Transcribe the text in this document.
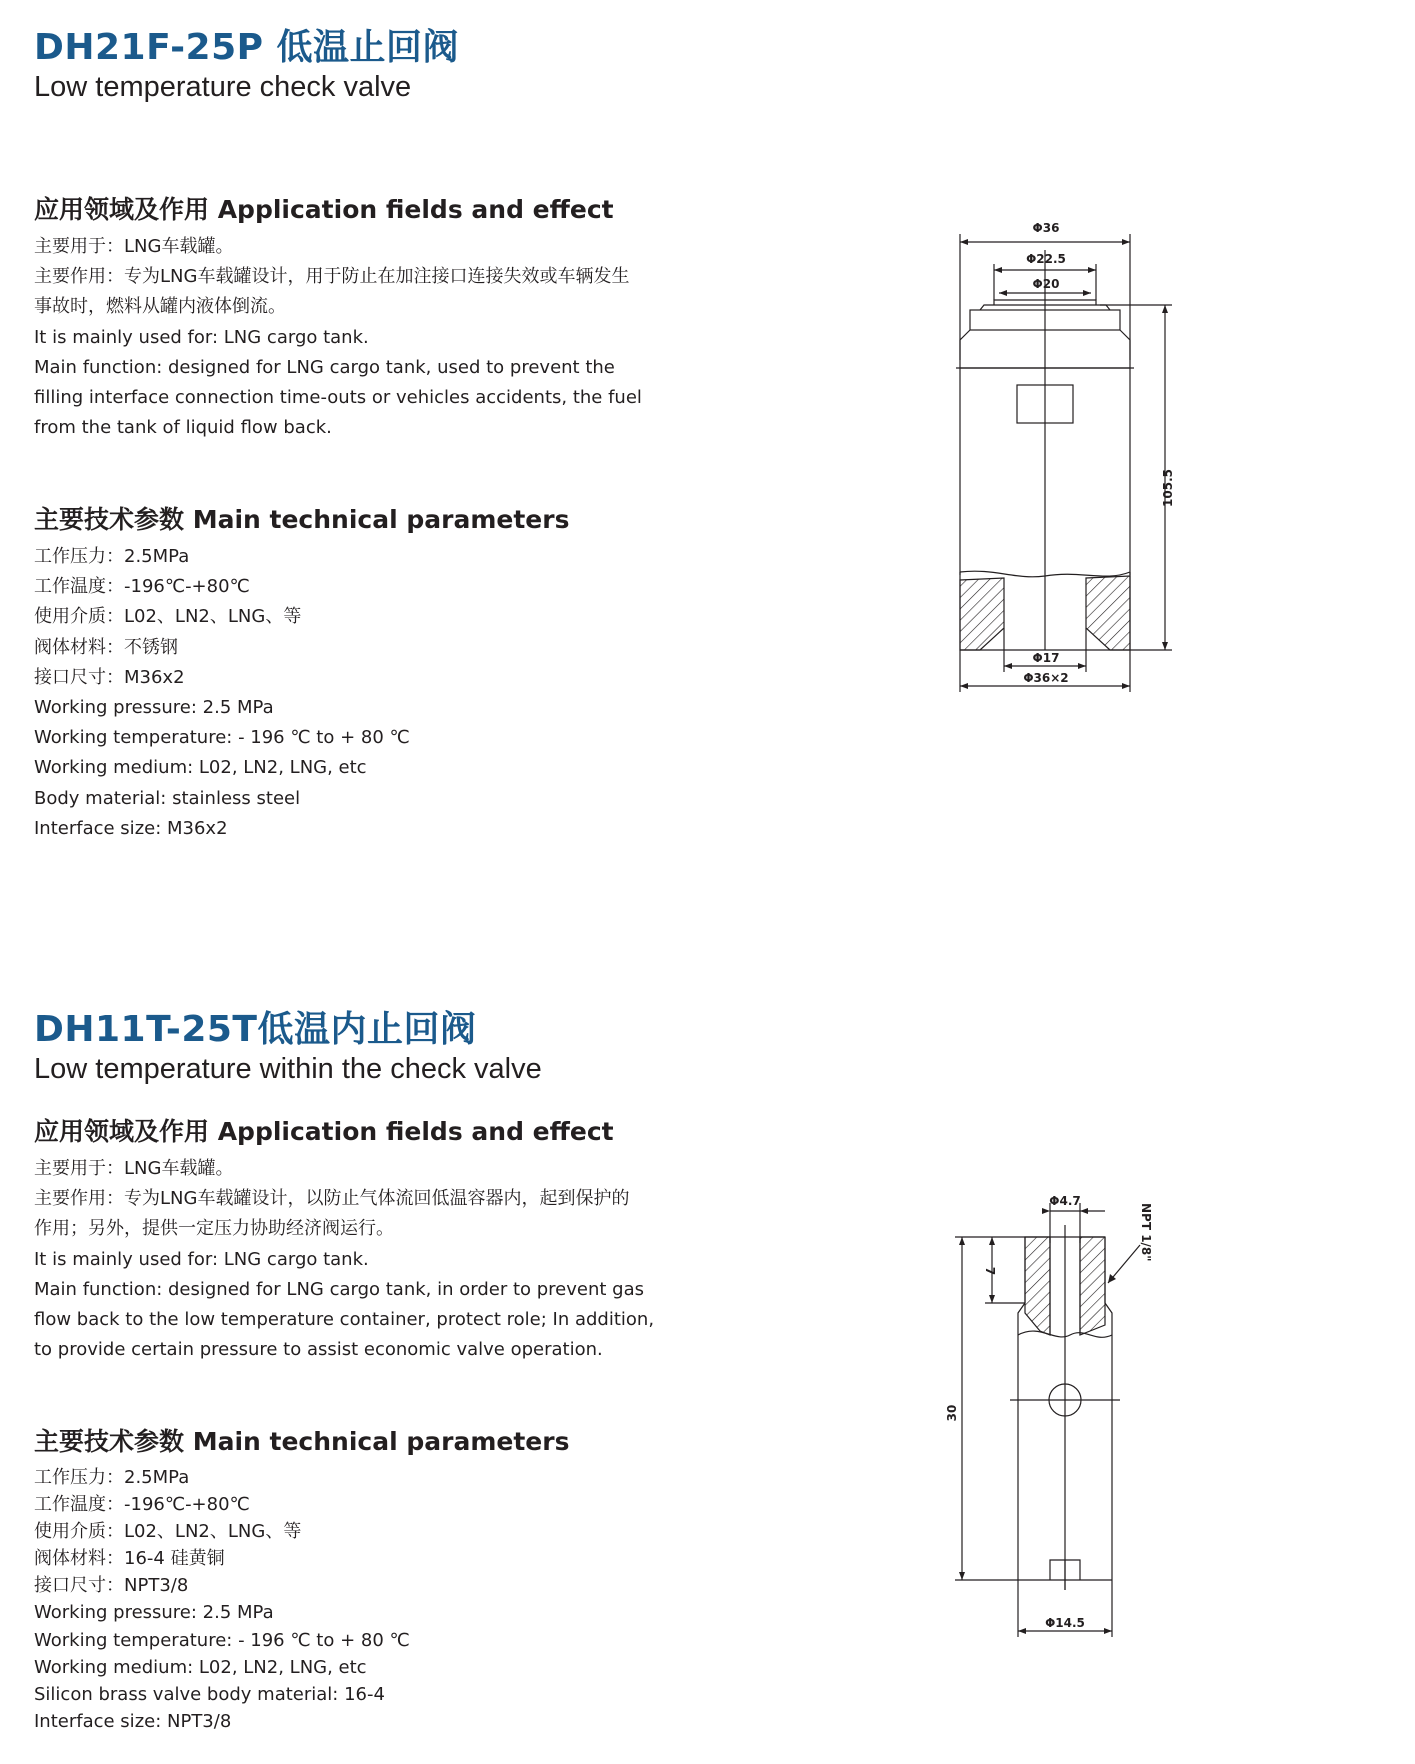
DH21F-25P 低温止回阀

Low temperature check valve

应用领域及作用 Application fields and effect
主要用于：LNG车载罐。
主要作用：专为LNG车载罐设计，用于防止在加注接口连接失效或车辆发生
事故时，燃料从罐内液体倒流。
It is mainly used for: LNG cargo tank.
Main function: designed for LNG cargo tank, used to prevent the
filling interface connection time-outs or vehicles accidents, the fuel
from the tank of liquid flow back.
主要技术参数 Main technical parameters
工作压力：2.5MPa
工作温度：-196℃-+80℃
使用介质：L02、LN2、LNG、等
阀体材料：不锈钢
接口尺寸：M36x2
Working pressure: 2.5 MPa
Working temperature: - 196 ℃ to + 80 ℃
Working medium: L02, LN2, LNG, etc
Body material: stainless steel
Interface size: M36x2
Φ36
Φ22.5
Φ20
105.5
Φ17
Φ36×2
DH11T-25T低温内止回阀

Low temperature within the check valve

应用领域及作用 Application fields and effect
主要用于：LNG车载罐。
主要作用：专为LNG车载罐设计，以防止气体流回低温容器内，起到保护的
作用；另外，提供一定压力协助经济阀运行。
It is mainly used for: LNG cargo tank.
Main function: designed for LNG cargo tank, in order to prevent gas
flow back to the low temperature container, protect role; In addition,
to provide certain pressure to assist economic valve operation.
主要技术参数 Main technical parameters
工作压力：2.5MPa
工作温度：-196℃-+80℃
使用介质：L02、LN2、LNG、等
阀体材料：16-4 硅黄铜
接口尺寸：NPT3/8
Working pressure: 2.5 MPa
Working temperature: - 196 ℃ to + 80 ℃
Working medium: L02, LN2, LNG, etc
Silicon brass valve body material: 16-4
Interface size: NPT3/8
Φ4.7
NPT 1/8"
7
30
Φ14.5
